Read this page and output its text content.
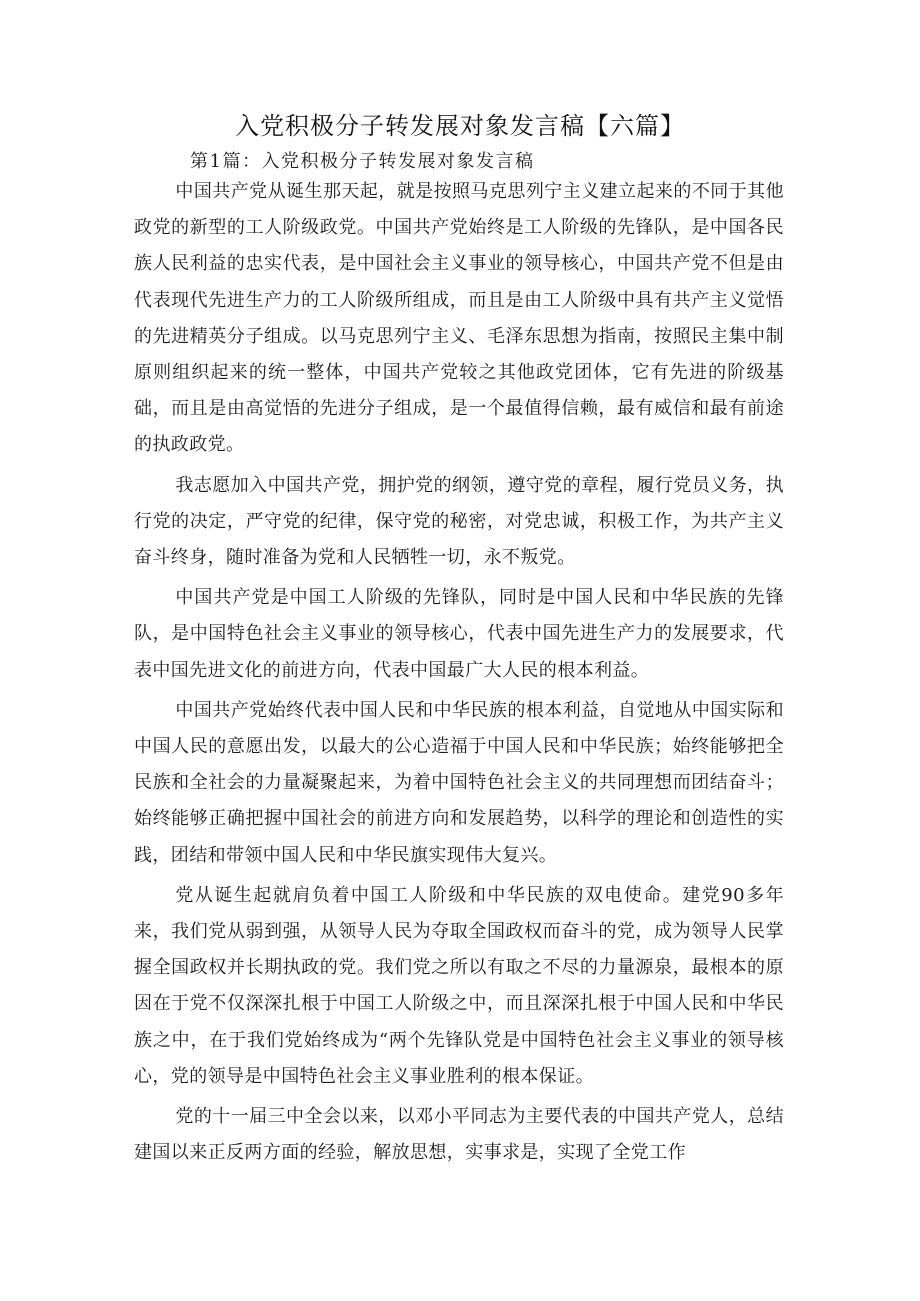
入党积极分子转发展对象发言稿【六篇】
第1篇：入党积极分子转发展对象发言稿

中国共产党从诞生那天起，就是按照马克思列宁主义建立起来的不同于其他政党的新型的工人阶级政党。中国共产党始终是工人阶级的先锋队，是中国各民族人民利益的忠实代表，是中国社会主义事业的领导核心，中国共产党不但是由代表现代先进生产力的工人阶级所组成，而且是由工人阶级中具有共产主义觉悟的先进精英分子组成。以马克思列宁主义、毛泽东思想为指南，按照民主集中制原则组织起来的统一整体，中国共产党较之其他政党团体，它有先进的阶级基础，而且是由高觉悟的先进分子组成，是一个最值得信赖，最有威信和最有前途的执政政党。

我志愿加入中国共产党，拥护党的纲领，遵守党的章程，履行党员义务，执行党的决定，严守党的纪律，保守党的秘密，对党忠诚，积极工作，为共产主义奋斗终身，随时准备为党和人民牺牲一切，永不叛党。

中国共产党是中国工人阶级的先锋队，同时是中国人民和中华民族的先锋队，是中国特色社会主义事业的领导核心，代表中国先进生产力的发展要求，代表中国先进文化的前进方向，代表中国最广大人民的根本利益。

中国共产党始终代表中国人民和中华民族的根本利益，自觉地从中国实际和中国人民的意愿出发，以最大的公心造福于中国人民和中华民族；始终能够把全民族和全社会的力量凝聚起来，为着中国特色社会主义的共同理想而团结奋斗；始终能够正确把握中国社会的前进方向和发展趋势，以科学的理论和创造性的实践，团结和带领中国人民和中华民旗实现伟大复兴。

党从诞生起就肩负着中国工人阶级和中华民族的双电使命。建党90多年来，我们党从弱到强，从领导人民为夺取全国政权而奋斗的党，成为领导人民掌握全国政权并长期执政的党。我们党之所以有取之不尽的力量源泉，最根本的原因在于党不仅深深扎根于中国工人阶级之中，而且深深扎根于中国人民和中华民族之中，在于我们党始终成为“两个先锋队党是中国特色社会主义事业的领导核心，党的领导是中国特色社会主义事业胜利的根本保证。

党的十一届三中全会以来，以邓小平同志为主要代表的中国共产党人，总结建国以来正反两方面的经验，解放思想，实事求是，实现了全党工作
